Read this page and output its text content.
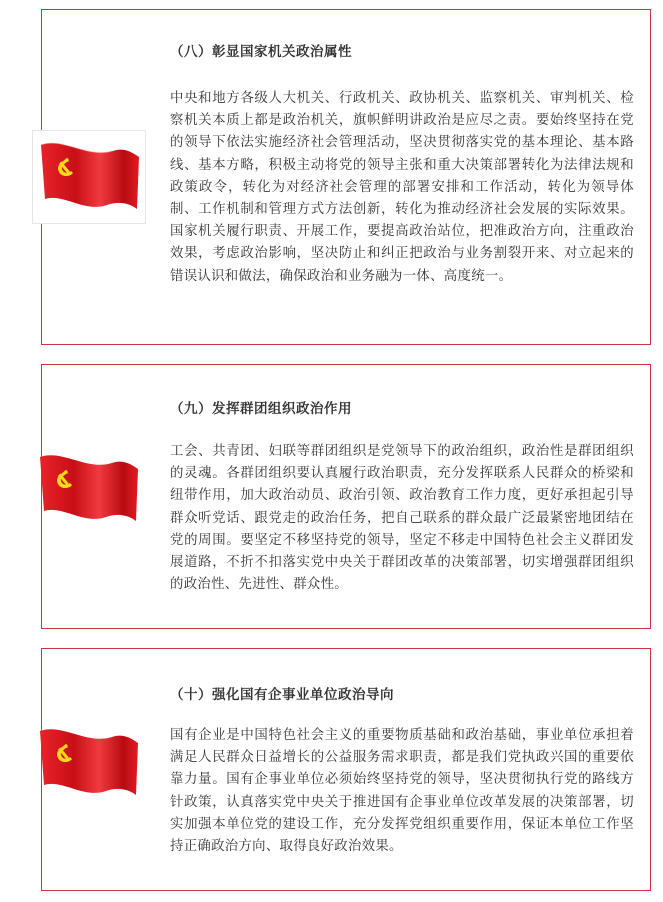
（八）彰显国家机关政治属性
中央和地方各级人大机关、行政机关、政协机关、监察机关、审判机关、检察机关本质上都是政治机关，旗帜鲜明讲政治是应尽之责。要始终坚持在党的领导下依法实施经济社会管理活动，坚决贯彻落实党的基本理论、基本路线、基本方略，积极主动将党的领导主张和重大决策部署转化为法律法规和政策政令，转化为对经济社会管理的部署安排和工作活动，转化为领导体制、工作机制和管理方式方法创新，转化为推动经济社会发展的实际效果。国家机关履行职责、开展工作，要提高政治站位，把准政治方向，注重政治效果，考虑政治影响，坚决防止和纠正把政治与业务割裂开来、对立起来的错误认识和做法，确保政治和业务融为一体、高度统一。
（九）发挥群团组织政治作用
工会、共青团、妇联等群团组织是党领导下的政治组织，政治性是群团组织的灵魂。各群团组织要认真履行政治职责，充分发挥联系人民群众的桥梁和纽带作用，加大政治动员、政治引领、政治教育工作力度，更好承担起引导群众听党话、跟党走的政治任务，把自己联系的群众最广泛最紧密地团结在党的周围。要坚定不移坚持党的领导，坚定不移走中国特色社会主义群团发展道路，不折不扣落实党中央关于群团改革的决策部署，切实增强群团组织的政治性、先进性、群众性。
（十）强化国有企事业单位政治导向
国有企业是中国特色社会主义的重要物质基础和政治基础，事业单位承担着满足人民群众日益增长的公益服务需求职责，都是我们党执政兴国的重要依靠力量。国有企事业单位必须始终坚持党的领导，坚决贯彻执行党的路线方针政策，认真落实党中央关于推进国有企事业单位改革发展的决策部署，切实加强本单位党的建设工作，充分发挥党组织重要作用，保证本单位工作坚持正确政治方向、取得良好政治效果。
